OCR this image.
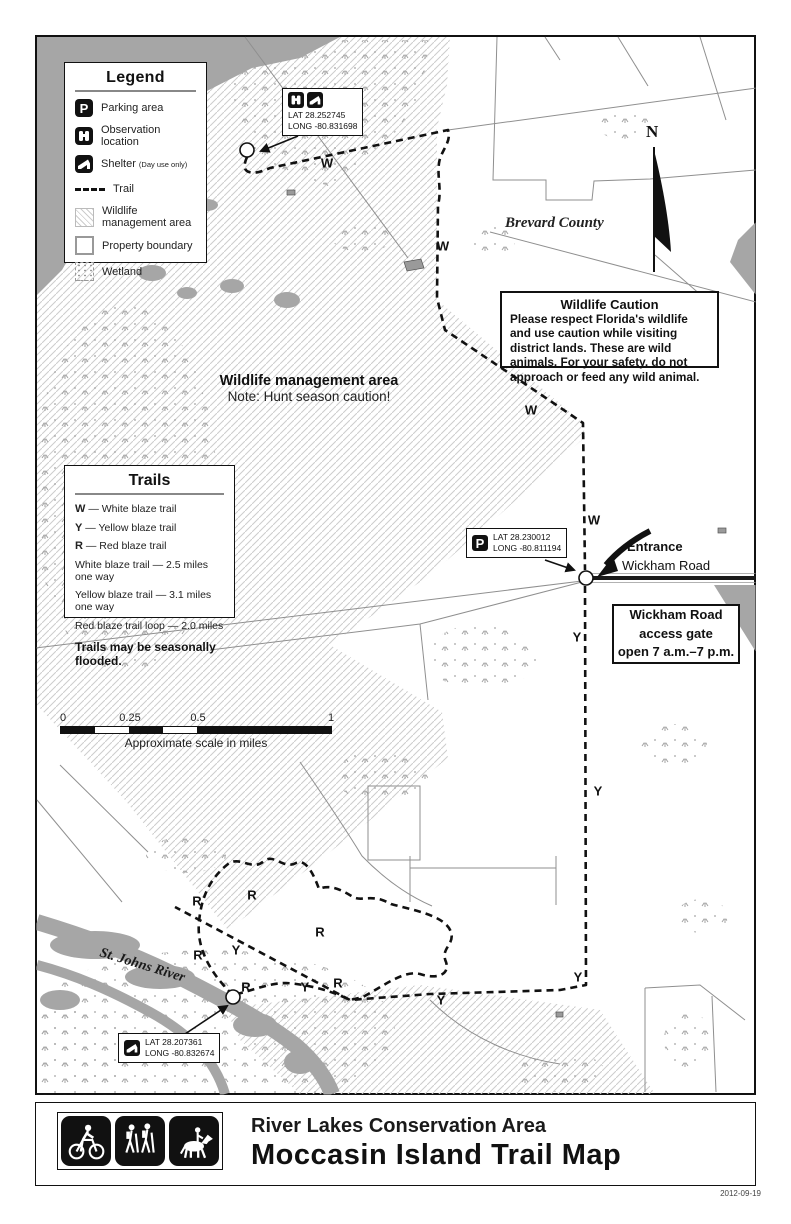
Legend
P Parking area
Observation location
Shelter (Day use only)
Trail
Wildlife management area
Property boundary
Wetland
Trails
W — White blaze trail
Y — Yellow blaze trail
R — Red blaze trail
White blaze trail — 2.5 miles one way
Yellow blaze trail — 3.1 miles one way
Red blaze trail loop — 2.0 miles
Trails may be seasonally flooded.

Wildlife Caution

Please respect Florida's wildlife and use caution while visiting district lands. These are wild animals. For your safety, do not approach or feed any wild animal.

Wickham Road
access gate
open 7 a.m.–7 p.m.
LAT 28.252745
LONG -80.831698
P LAT 28.230012
LONG -80.811194
LAT 28.207361
LONG -80.832674
Brevard County
Wildlife management area
Note: Hunt season caution!
Entrance
Wickham Road
St. Johns River
N
W
W
W
W
Y
Y
Y
Y
Y
Y
R	R
R
R
R	R
0	0.25	0.5	1
Approximate scale in miles
River Lakes Conservation Area
Moccasin Island Trail Map
2012-09-19
